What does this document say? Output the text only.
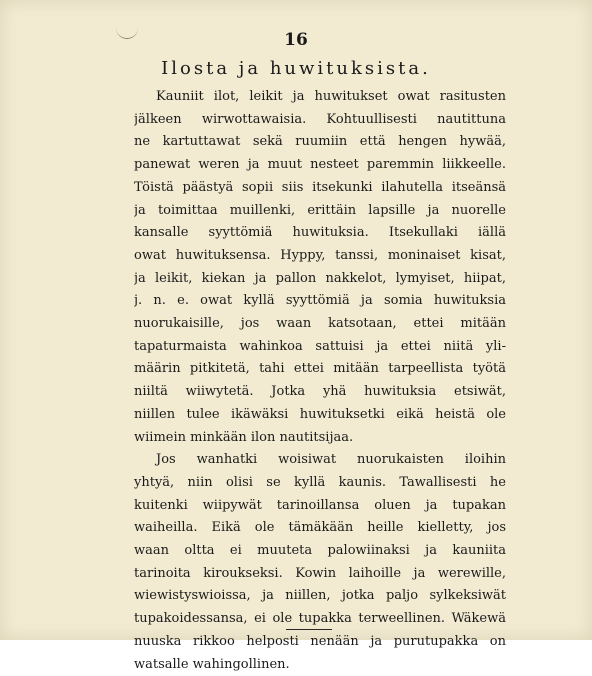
16
Ilosta ja huwituksista.
Kauniit ilot, leikit ja huwitukset owat rasitusten
jälkeen wirwottawaisia. Kohtuullisesti nautittuna
ne kartuttawat sekä ruumiin että hengen hywää,
panewat weren ja muut nesteet paremmin liikkeelle.
Töistä päästyä sopii siis itsekunki ilahutella itseänsä
ja toimittaa muillenki, erittäin lapsille ja nuorelle
kansalle syyttömiä huwituksia. Itsekullaki iällä
owat huwituksensa. Hyppy, tanssi, moninaiset kisat,
ja leikit, kiekan ja pallon nakkelot, lymyiset, hiipat,
j. n. e. owat kyllä syyttömiä ja somia huwituksia
nuorukaisille, jos waan katsotaan, ettei mitään
tapaturmaista wahinkoa sattuisi ja ettei niitä yli-
määrin pitkitetä, tahi ettei mitään tarpeellista työtä
niiltä wiiwytetä. Jotka yhä huwituksia etsiwät,
niillen tulee ikäwäksi huwituksetki eikä heistä ole
wiimein minkään ilon nautitsijaa.
Jos wanhatki woisiwat nuorukaisten iloihin
yhtyä, niin olisi se kyllä kaunis. Tawallisesti he
kuitenki wiipywät tarinoillansa oluen ja tupakan
waiheilla. Eikä ole tämäkään heille kielletty, jos
waan oltta ei muuteta palowiinaksi ja kauniita
tarinoita kiroukseksi. Kowin laihoille ja werewille,
wiewistyswioissa, ja niillen, jotka paljo sylkeksiwät
tupakoidessansa, ei ole tupakka terweellinen. Wäkewä
nuuska rikkoo helposti nenään ja purutupakka on
watsalle wahingollinen.
